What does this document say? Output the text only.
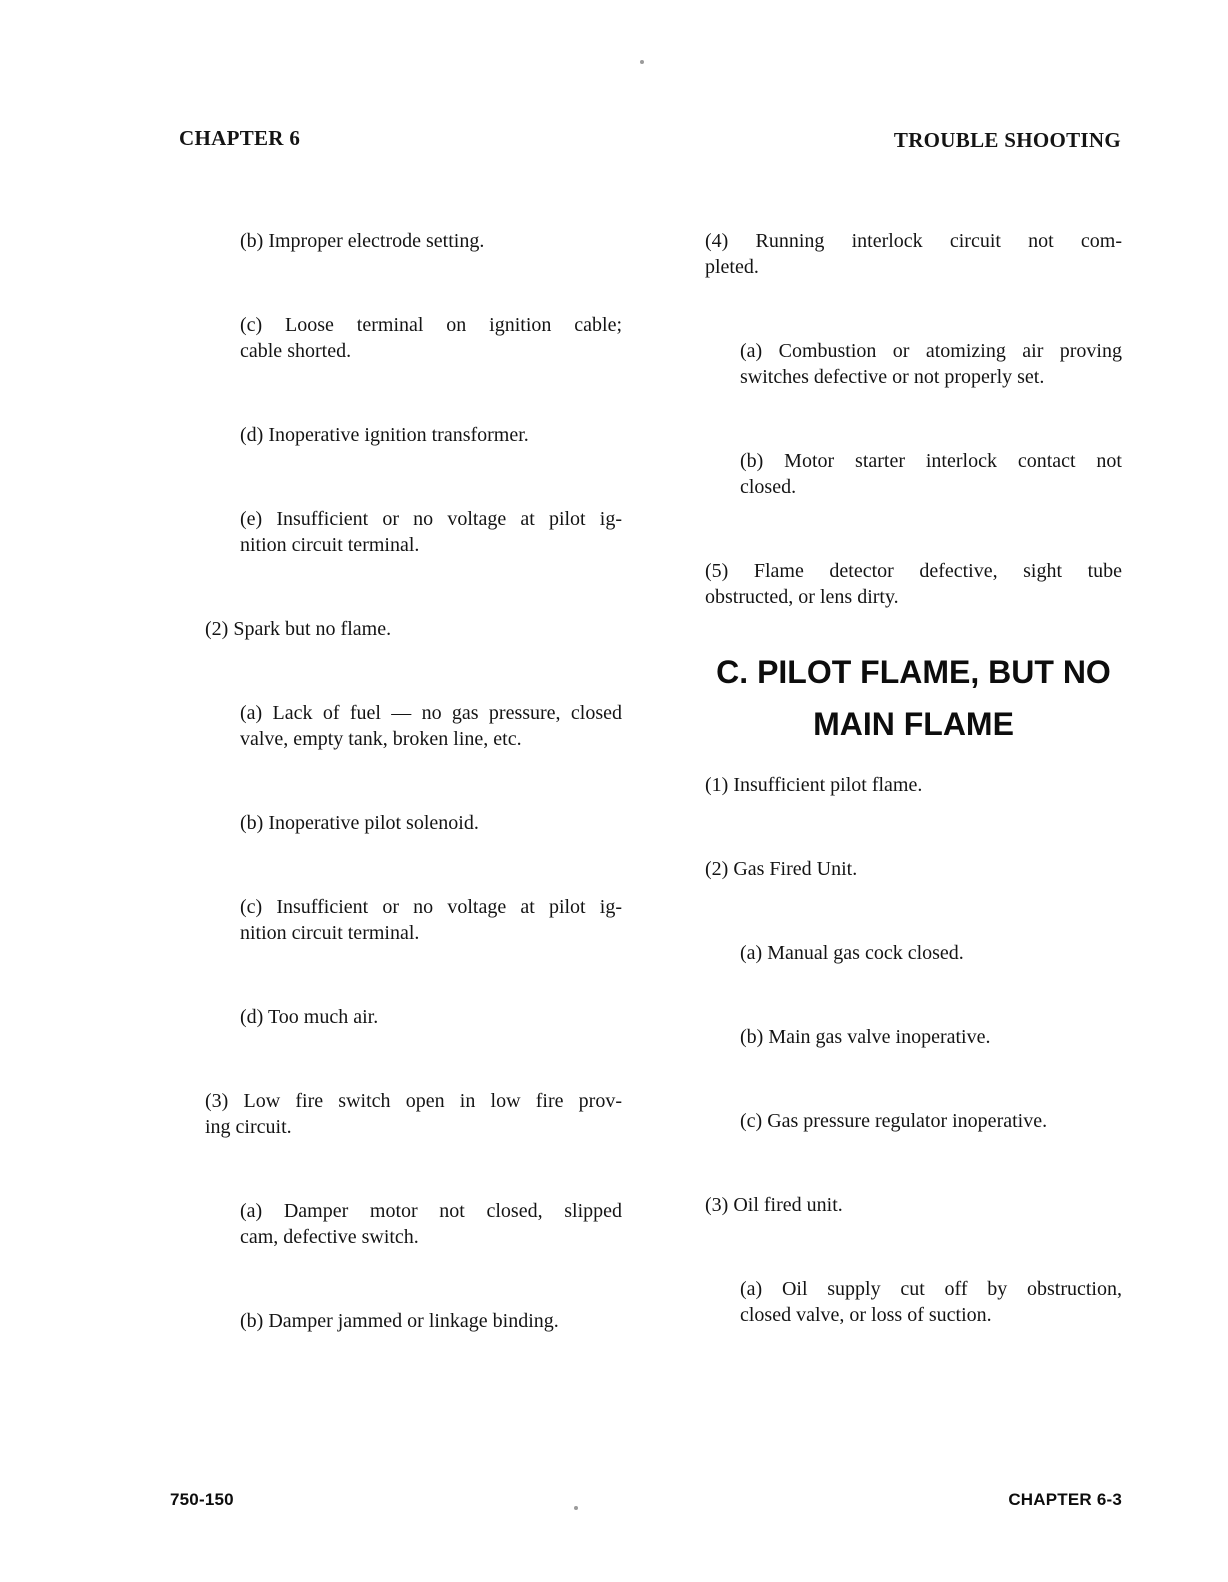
CHAPTER 6	TROUBLE SHOOTING
(b) Improper electrode setting.
(c) Loose terminal on ignition cable;
cable shorted.
(d) Inoperative ignition transformer.
(e) Insufficient or no voltage at pilot ig-
nition circuit terminal.
(2) Spark but no flame.
(a) Lack of fuel — no gas pressure, closed
valve, empty tank, broken line, etc.
(b) Inoperative pilot solenoid.
(c) Insufficient or no voltage at pilot ig-
nition circuit terminal.
(d) Too much air.
(3) Low fire switch open in low fire prov-
ing circuit.
(a) Damper motor not closed, slipped
cam, defective switch.
(b) Damper jammed or linkage binding.
(4) Running interlock circuit not com-
pleted.
(a) Combustion or atomizing air proving
switches defective or not properly set.
(b) Motor starter interlock contact not
closed.
(5) Flame detector defective, sight tube
obstructed, or lens dirty.
C. PILOT FLAME, BUT NO
MAIN FLAME
(1) Insufficient pilot flame.
(2) Gas Fired Unit.
(a) Manual gas cock closed.
(b) Main gas valve inoperative.
(c) Gas pressure regulator inoperative.
(3) Oil fired unit.
(a) Oil supply cut off by obstruction,
closed valve, or loss of suction.
750-150	CHAPTER 6-3
